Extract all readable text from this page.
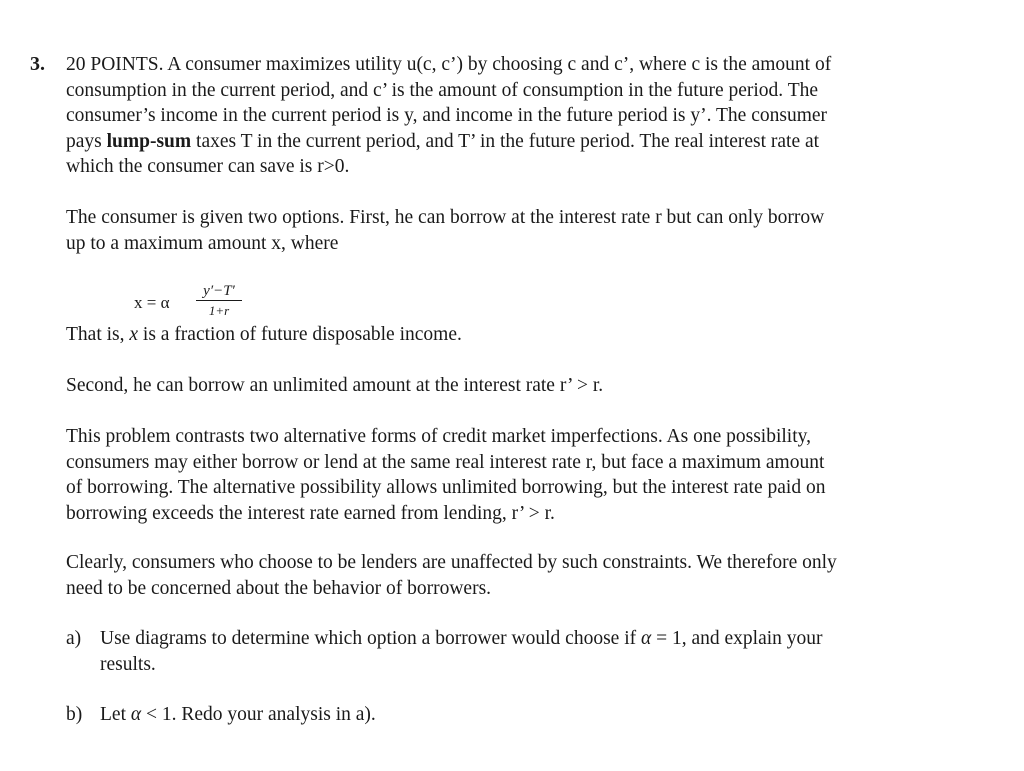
3. 20 POINTS. A consumer maximizes utility u(c, c’) by choosing c and c’, where c is the amount of
consumption in the current period, and c’ is the amount of consumption in the future period. The
consumer’s income in the current period is y, and income in the future period is y’. The consumer
pays lump-sum taxes T in the current period, and T’ in the future period. The real interest rate at
which the consumer can save is r>0.
The consumer is given two options. First, he can borrow at the interest rate r but can only borrow
up to a maximum amount x, where
x = α
y′−T′
1+r
That is, x is a fraction of future disposable income.
Second, he can borrow an unlimited amount at the interest rate r’ > r.
This problem contrasts two alternative forms of credit market imperfections. As one possibility,
consumers may either borrow or lend at the same real interest rate r, but face a maximum amount
of borrowing. The alternative possibility allows unlimited borrowing, but the interest rate paid on
borrowing exceeds the interest rate earned from lending, r’ > r.
Clearly, consumers who choose to be lenders are unaffected by such constraints. We therefore only
need to be concerned about the behavior of borrowers.
a) Use diagrams to determine which option a borrower would choose if α = 1, and explain your
results.
b) Let α < 1. Redo your analysis in a).
